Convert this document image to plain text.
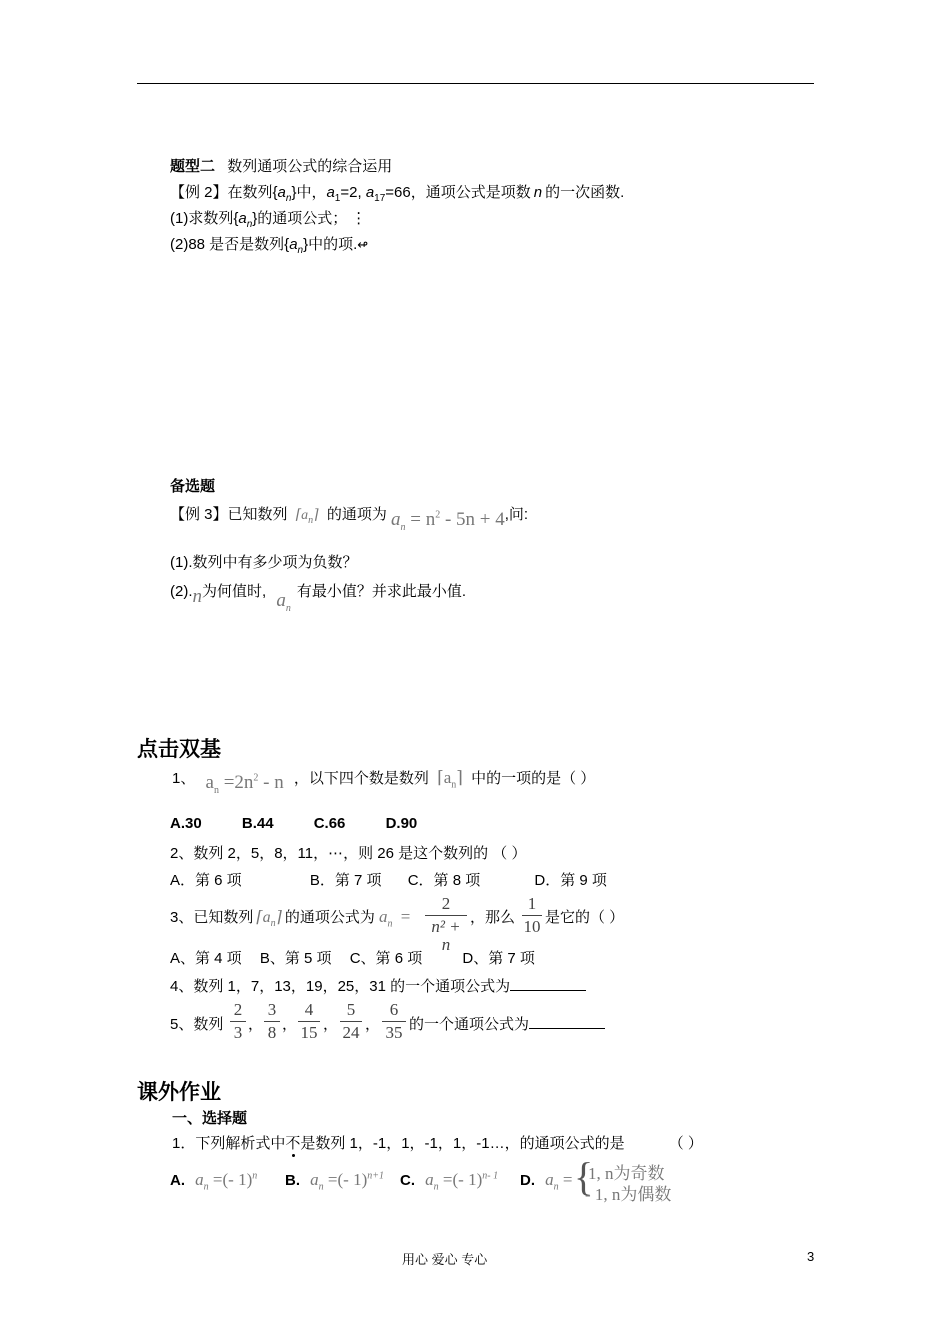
题型二 数列通项公式的综合运用
【例 2】在数列$\{a_n\}$中，$a_1=2$, $a_{17}=66$，通项公式是项数 n 的一次函数.
(1)求数列$\{a_n\}$的通项公式； ⋮
(2)88 是否是数列$\{a_n\}$中的项.↫
备选题
【例 3】已知数列 $⌈a_n⌉$ 的通项为 $a_n = n^2 - 5n + 4$,问:
(1).数列中有多少项为负数？
(2).n为何值时, $a_n$有最小值？并求此最小值.
点击双基
1、 $a_n =2n^2 - n$ ，以下四个数是数列 $⌈a_n⌉$ 中的一项的是（ ）
A.30	B.44	C.66	D.90
2、数列 2，5，8，11，⋯，则 26 是这个数列的 （ ）
A．第 6 项	B．第 7 项 C．第 8 项	D．第 9 项
3、已知数列 $⌈a_n⌉$ 的通项公式为 $a_n$ =
2
n² + n
，那么
1
10 是它的（ ）
A、第 4 项 B、第 5 项 C、第 6 项	D、第 7 项
4、数列 1，7，13，19，25，31 的一个通项公式为
5、数列
2
3 ，
3
8 ，
4
15 ，
5
24 ，
6
35 的一个通项公式为
课外作业
一、选择题
1．下列解析式中不是数列 1，-1，1，-1，1，-1…，的通项公式的是	（ ）
A. $a_n$ =(- 1)$^n$ B. $a_n$ =(- 1)$^{n+1}$ C. $a_n$ =(- 1)$^{n- 1}$ D. $a_n$ = {
1, n为奇数
- 1, n为偶数
用心 爱心 专心	3
